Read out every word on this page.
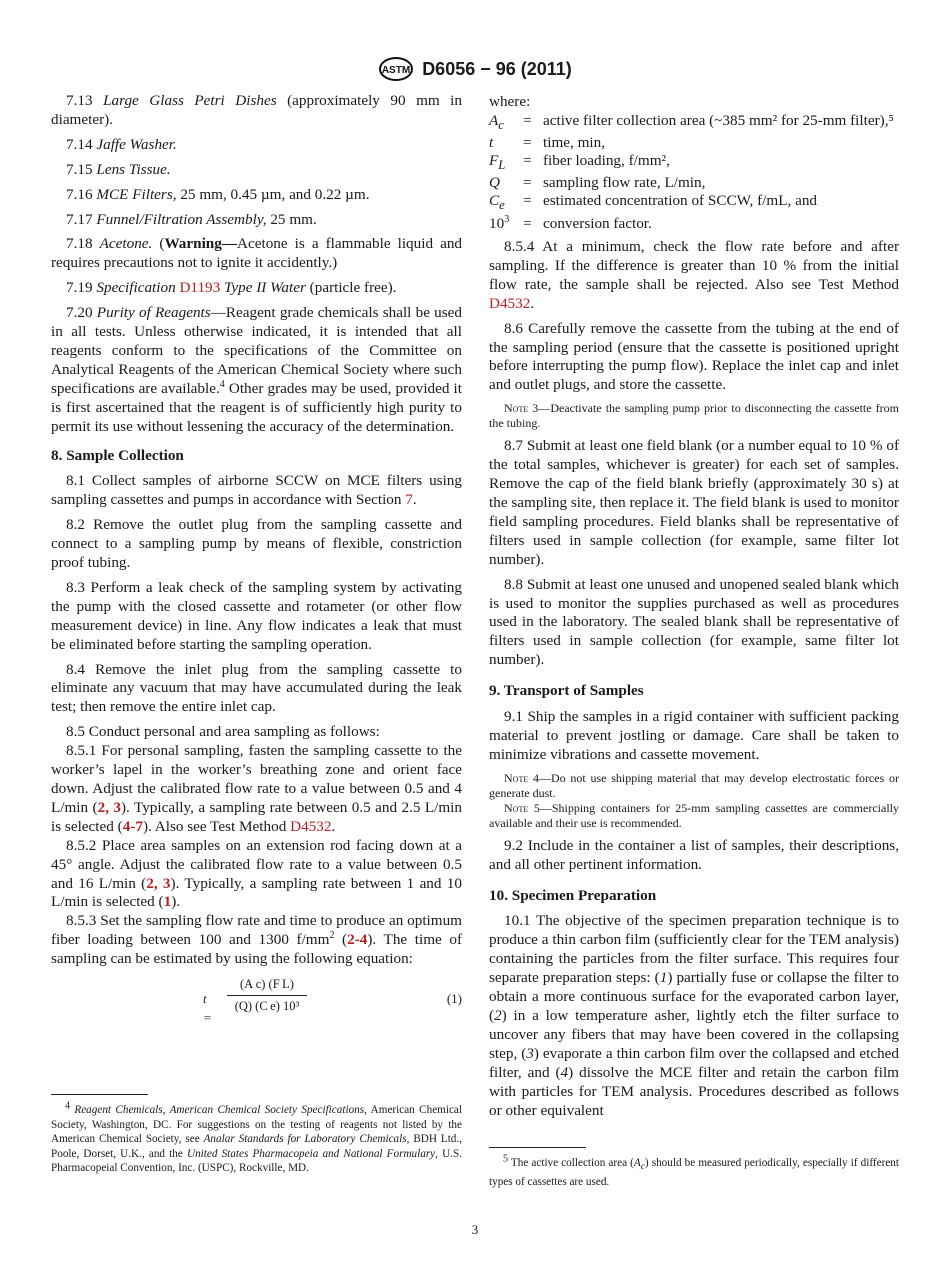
ASTM D6056 − 96 (2011)

7.13 Large Glass Petri Dishes (approximately 90 mm in diameter).

7.14 Jaffe Washer.

7.15 Lens Tissue.

7.16 MCE Filters, 25 mm, 0.45 µm, and 0.22 µm.

7.17 Funnel/Filtration Assembly, 25 mm.

7.18 Acetone. (Warning—Acetone is a flammable liquid and requires precautions not to ignite it accidently.)

7.19 Specification D1193 Type II Water (particle free).

7.20 Purity of Reagents—Reagent grade chemicals shall be used in all tests. Unless otherwise indicated, it is intended that all reagents conform to the specifications of the Committee on Analytical Reagents of the American Chemical Society where such specifications are available.$^4$ Other grades may be used, provided it is first ascertained that the reagent is of sufficiently high purity to permit its use without lessening the accuracy of the determination.

8. Sample Collection

8.1 Collect samples of airborne SCCW on MCE filters using sampling cassettes and pumps in accordance with Section 7.

8.2 Remove the outlet plug from the sampling cassette and connect to a sampling pump by means of flexible, constriction proof tubing.

8.3 Perform a leak check of the sampling system by activating the pump with the closed cassette and rotameter (or other flow measurement device) in line. Any flow indicates a leak that must be eliminated before starting the sampling operation.

8.4 Remove the inlet plug from the sampling cassette to eliminate any vacuum that may have accumulated during the leak test; then remove the entire inlet cap.

8.5 Conduct personal and area sampling as follows:

8.5.1 For personal sampling, fasten the sampling cassette to the worker’s lapel in the worker’s breathing zone and orient face down. Adjust the calibrated flow rate to a value between 0.5 and 4 L/min (2, 3). Typically, a sampling rate between 0.5 and 2.5 L/min is selected (4-7). Also see Test Method D4532.

8.5.2 Place area samples on an extension rod facing down at a 45° angle. Adjust the calibrated flow rate to a value between 0.5 and 16 L/min (2, 3). Typically, a sampling rate between 1 and 10 L/min is selected (1).

8.5.3 Set the sampling flow rate and time to produce an optimum fiber loading between 100 and 1300 $f/mm^2$ (2-4). The time of sampling can be estimated by using the following equation:

t =
$\frac{\text{(A c) (F L)}}{\text{(Q) (C e) 10³}}$	(1)
$^4$ Reagent Chemicals, American Chemical Society Specifications, American Chemical Society, Washington, DC. For suggestions on the testing of reagents not listed by the American Chemical Society, see Analar Standards for Laboratory Chemicals, BDH Ltd., Poole, Dorset, U.K., and the United States Pharmacopeia and National Formulary, U.S. Pharmacopeial Convention, Inc. (USPC), Rockville, MD.

where:

$A_c$	= active filter collection area (~385 mm² for 25-mm filter),⁵
t	= time, min,
$F_L$	= fiber loading, f/mm²,
Q	= sampling flow rate, L/min,
$C_e$	= estimated concentration of SCCW, f/mL, and
$10^3$ = conversion factor.

8.5.4 At a minimum, check the flow rate before and after sampling. If the difference is greater than 10 % from the initial flow rate, the sample shall be rejected. Also see Test Method D4532.

8.6 Carefully remove the cassette from the tubing at the end of the sampling period (ensure that the cassette is positioned upright before interrupting the pump flow). Replace the inlet cap and inlet and outlet plugs, and store the cassette.

Note 3—Deactivate the sampling pump prior to disconnecting the cassette from the tubing.

8.7 Submit at least one field blank (or a number equal to 10 % of the total samples, whichever is greater) for each set of samples. Remove the cap of the field blank briefly (approximately 30 s) at the sampling site, then replace it. The field blank is used to monitor field sampling procedures. Field blanks shall be representative of filters used in sample collection (for example, same filter lot number).

8.8 Submit at least one unused and unopened sealed blank which is used to monitor the supplies purchased as well as procedures used in the laboratory. The sealed blank shall be representative of filters used in sample collection (for example, same filter lot number).

9. Transport of Samples

9.1 Ship the samples in a rigid container with sufficient packing material to prevent jostling or damage. Care shall be taken to minimize vibrations and cassette movement.

Note 4—Do not use shipping material that may develop electrostatic forces or generate dust.
Note 5—Shipping containers for 25-mm sampling cassettes are commercially available and their use is recommended.

9.2 Include in the container a list of samples, their descriptions, and all other pertinent information.

10. Specimen Preparation

10.1 The objective of the specimen preparation technique is to produce a thin carbon film (sufficiently clear for the TEM analysis) containing the particles from the filter surface. This requires four separate preparation steps: (1) partially fuse or collapse the filter to obtain a more continuous surface for the evaporated carbon layer, (2) in a low temperature asher, lightly etch the filter surface to uncover any fibers that may have been covered in the collapsing step, (3) evaporate a thin carbon film over the collapsed and etched filter, and (4) dissolve the MCE filter and retain the carbon film with particles for TEM analysis. Procedures described as follows or other equivalent

$^5$ The active collection area $(A_c)$ should be measured periodically, especially if different types of cassettes are used.
3
